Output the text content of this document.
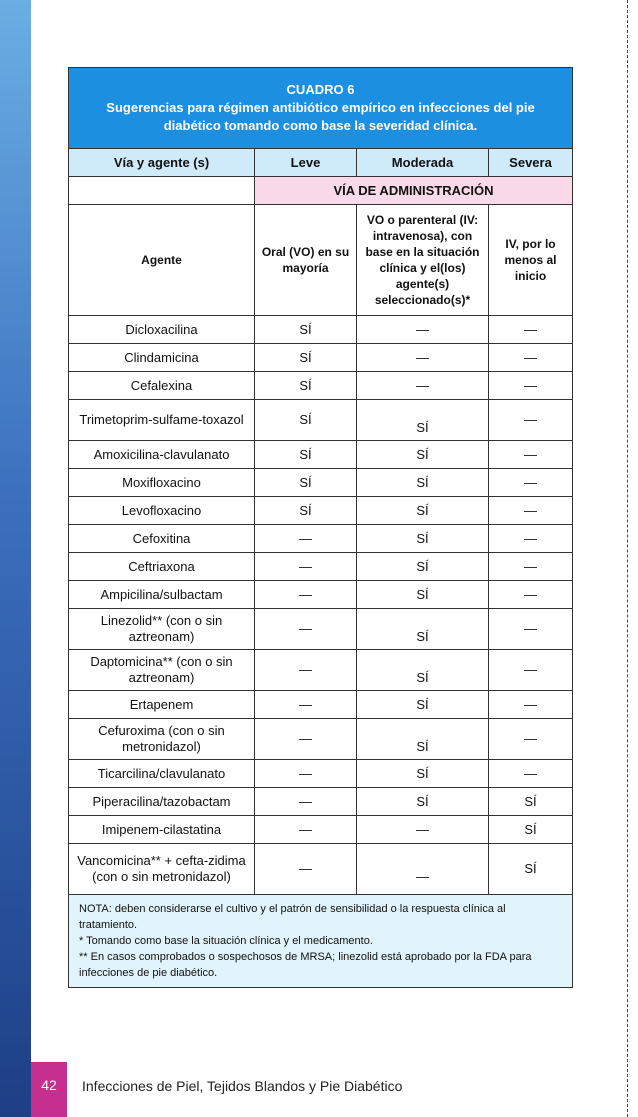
CUADRO 6
Sugerencias para régimen antibiótico empírico en infecciones del pie diabético tomando como base la severidad clínica.			

Vía y agente (s)	Leve	Moderada	Severa
	VÍA DE ADMINISTRACIÓN		
Agente	Oral (VO) en su mayoría	VO o parenteral (IV: intravenosa), con base en la situación clínica y el(los) agente(s) seleccionado(s)*	IV, por lo menos al inicio
Dicloxacilina	SÍ	—	—
Clindamicina	SÍ	—	—
Cefalexina	SÍ	—	—
Trimetoprim-sulfame-toxazol	SÍ	SÍ	—
Amoxicilina-clavulanato	SÍ	SÍ	—
Moxifloxacino	SÍ	SÍ	—
Levofloxacino	SÍ	SÍ	—
Cefoxitina	—	SÍ	—
Ceftriaxona	—	SÍ	—
Ampicilina/sulbactam	—	SÍ	—
Linezolid** (con o sin aztreonam)	—	SÍ	—
Daptomicina** (con o sin aztreonam)	—	SÍ	—
Ertapenem	—	SÍ	—
Cefuroxima (con o sin metronidazol)	—	SÍ	—
Ticarcilina/clavulanato	—	SÍ	—
Piperacilina/tazobactam	—	SÍ	SÍ
Imipenem-cilastatina	—	—	SÍ
Vancomicina** + cefta-zidima (con o sin metronidazol)	—	—	SÍ

NOTA: deben considerarse el cultivo y el patrón de sensibilidad o la respuesta clínica al tratamiento.
* Tomando como base la situación clínica y el medicamento.
** En casos comprobados o sospechosos de MRSA; linezolid está aprobado por la FDA para infecciones de pie diabético.			
42	Infecciones de Piel, Tejidos Blandos y Pie Diabético
